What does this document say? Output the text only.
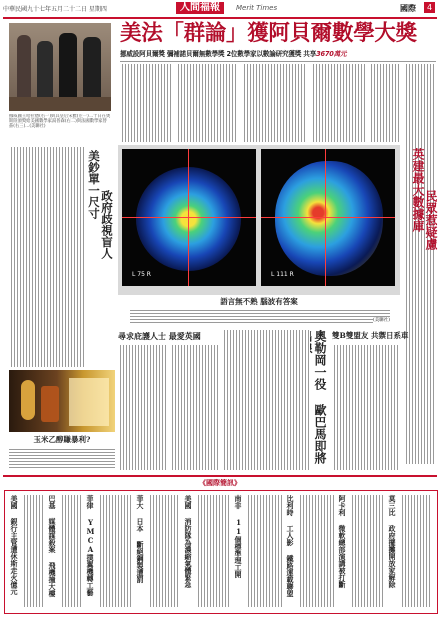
中華民國九十七年五月二十二日 星期四	人間福報	Merit Times	國際	4
挪威國王哈拉德(右一)與其皇后宋雅(左一)二十日在奧斯陸頒獎給美國數學家湯普森(右二)與法國數學家替茲(右三)...(美聯社)
美法「群論」獲阿貝爾數學大獎
挪威設阿貝爾獎 彌補諾貝爾無數學獎 2位數學家以數論研究獲獎 共享3670萬元
美鈔單一尺寸
政府歧視盲人
L 75 R	L 111 R
語言無不熟 腦波有答案
(美聯社)
英建最大數據庫 民眾惹疑慮
玉米乙醇賺暴利?
尋求庇護人士 最愛英國	奧勒岡一役 歐巴馬即將
雙B雙盟友 共禦日系車
《國際簡訊》
美國 銀行主管遭休斯走火億元	巴基 媒體謀殺案 飛機撞大樓	菲律 YMCA撲翼機轉工藝	菲大 日本 斷絕鋼製遭罰	美國 消防隊為濃縮氣體緊急	南非 11個標準理工開	比利時 工人影 鐵路運載聯盟	阿卡利 微軟總部演講被打斷	莫三比 政府擺攤開放家解除
